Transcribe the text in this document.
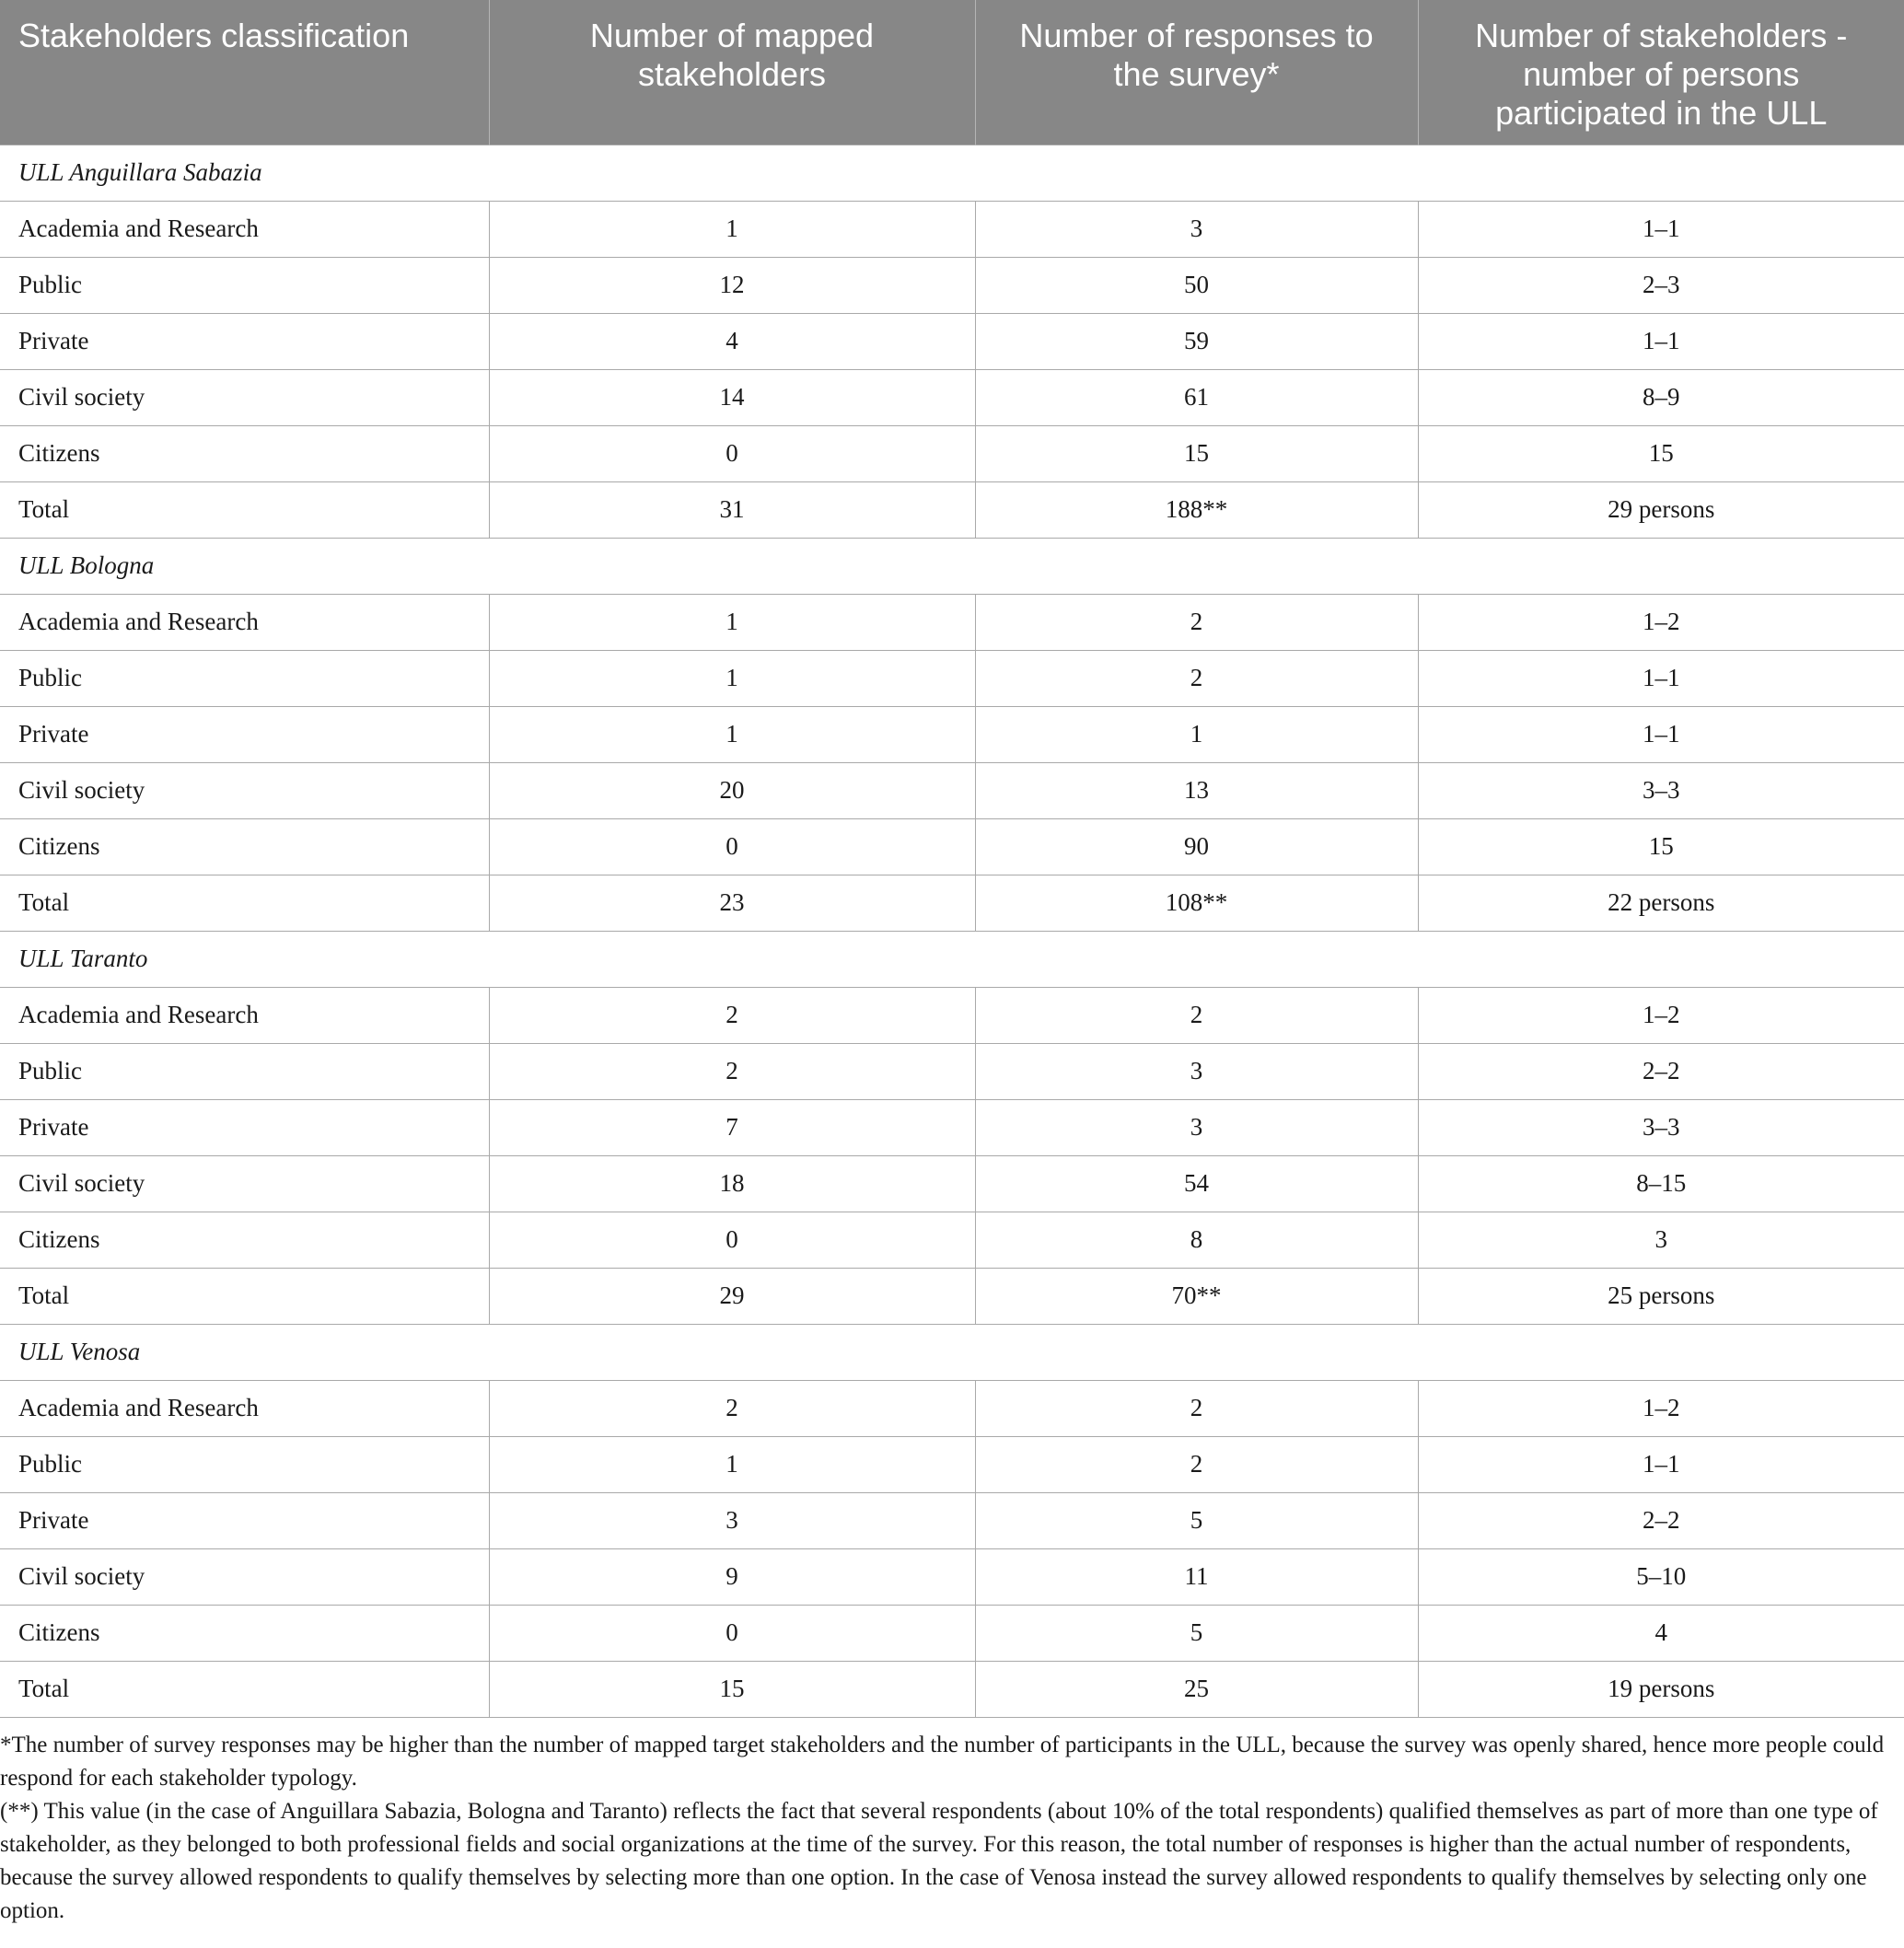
Stakeholders classification	Number of mapped stakeholders	Number of responses to the survey*	Number of stakeholders -number of persons participated in the ULL
ULL Anguillara Sabazia			
Academia and Research	1	3	1–1
Public	12	50	2–3
Private	4	59	1–1
Civil society	14	61	8–9
Citizens	0	15	15
Total	31	188**	29 persons
ULL Bologna			
Academia and Research	1	2	1–2
Public	1	2	1–1
Private	1	1	1–1
Civil society	20	13	3–3
Citizens	0	90	15
Total	23	108**	22 persons
ULL Taranto			
Academia and Research	2	2	1–2
Public	2	3	2–2
Private	7	3	3–3
Civil society	18	54	8–15
Citizens	0	8	3
Total	29	70**	25 persons
ULL Venosa			
Academia and Research	2	2	1–2
Public	1	2	1–1
Private	3	5	2–2
Civil society	9	11	5–10
Citizens	0	5	4
Total	15	25	19 persons

*The number of survey responses may be higher than the number of mapped target stakeholders and the number of participants in the ULL, because the survey was openly shared, hence more people could respond for each stakeholder typology.

(**) This value (in the case of Anguillara Sabazia, Bologna and Taranto) reflects the fact that several respondents (about 10% of the total respondents) qualified themselves as part of more than one type of stakeholder, as they belonged to both professional fields and social organizations at the time of the survey. For this reason, the total number of responses is higher than the actual number of respondents, because the survey allowed respondents to qualify themselves by selecting more than one option. In the case of Venosa instead the survey allowed respondents to qualify themselves by selecting only one option.
